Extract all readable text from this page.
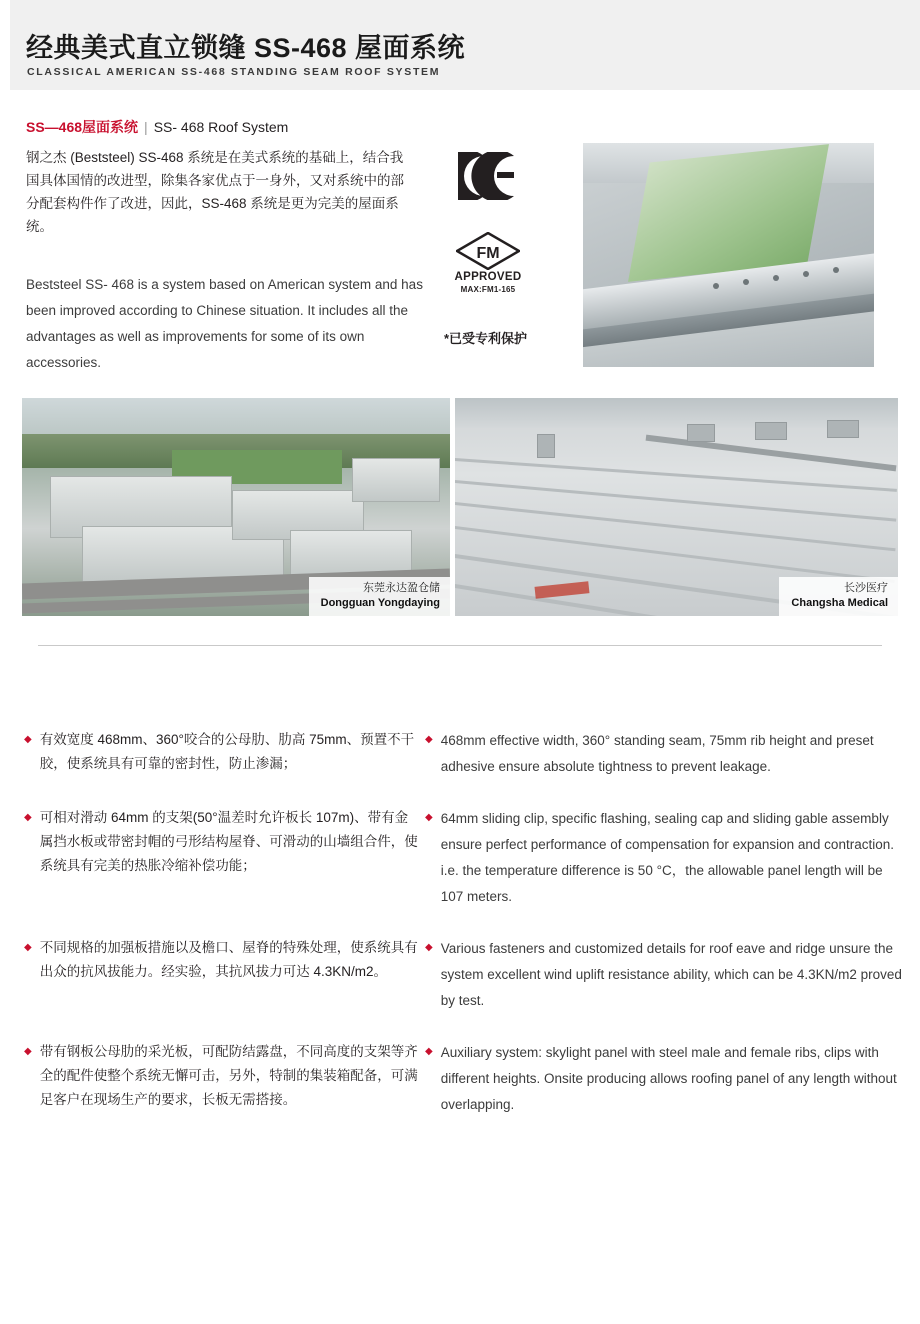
经典美式直立锁缝 SS-468 屋面系统
CLASSICAL AMERICAN SS-468 STANDING SEAM ROOF SYSTEM
SS—468屋面系统 | SS- 468 Roof System
钢之杰 (Beststeel) SS-468 系统是在美式系统的基础上，结合我国具体国情的改进型，除集各家优点于一身外，又对系统中的部分配套构件作了改进，因此，SS-468 系统是更为完美的屋面系统。
Beststeel SS- 468 is a system based on American system and has been improved according to Chinese situation. It includes all the advantages as well as improvements for some of its own accessories.
FM
APPROVED
MAX:FM1-165
*已受专利保护
东莞永达盈仓储
Dongguan Yongdaying
长沙医疗
Changsha Medical
◆ 有效宽度 468mm、360°咬合的公母肋、肋高 75mm、预置不干胶，使系统具有可靠的密封性，防止渗漏；
◆ 468mm effective width, 360° standing seam, 75mm rib height and preset adhesive ensure absolute tightness to prevent leakage.
◆ 可相对滑动 64mm 的支架(50°温差时允许板长 107m)、带有金属挡水板或带密封帽的弓形结构屋脊、可滑动的山墙组合件，使系统具有完美的热胀冷缩补偿功能；
◆ 64mm sliding clip, specific flashing, sealing cap and sliding gable assembly ensure perfect performance of compensation for expansion and contraction. i.e. the temperature difference is 50 °C，the allowable panel length will be 107 meters.
◆ 不同规格的加强板措施以及檐口、屋脊的特殊处理，使系统具有出众的抗风拔能力。经实验，其抗风拔力可达 4.3KN/m2。
◆ Various fasteners and customized details for roof eave and ridge unsure the system excellent wind uplift resistance ability, which can be 4.3KN/m2 proved by test.
◆ 带有钢板公母肋的采光板，可配防结露盘，不同高度的支架等齐全的配件使整个系统无懈可击，另外，特制的集装箱配备，可满足客户在现场生产的要求，长板无需搭接。
◆ Auxiliary system: skylight panel with steel male and female ribs, clips with different heights. Onsite producing allows roofing panel of any length without overlapping.
